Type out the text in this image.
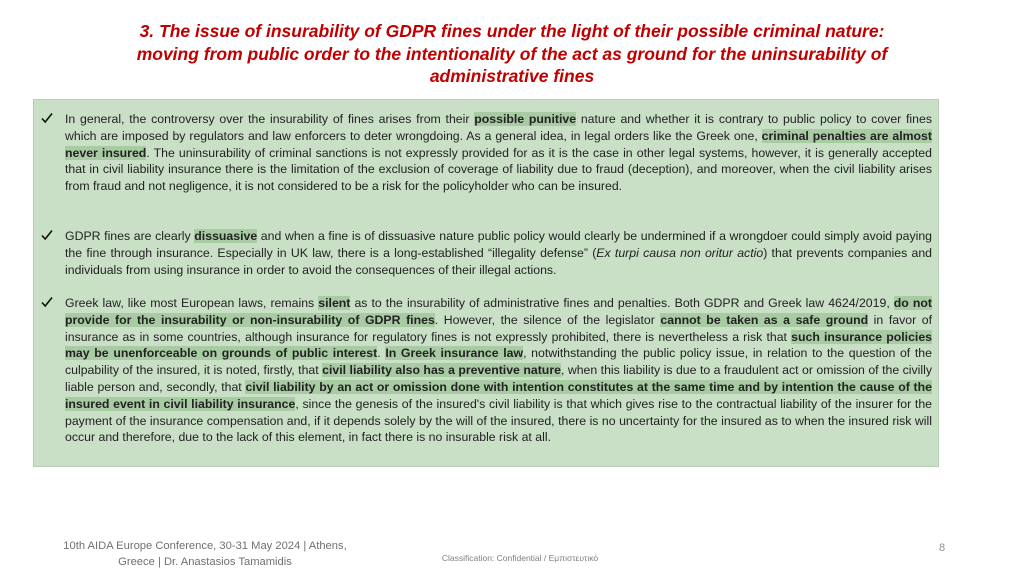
3. The issue of insurability of GDPR fines under the light of their possible criminal nature: moving from public order to the intentionality of the act as ground for the uninsurability of administrative fines
In general, the controversy over the insurability of fines arises from their possible punitive nature and whether it is contrary to public policy to cover fines which are imposed by regulators and law enforcers to deter wrongdoing. As a general idea, in legal orders like the Greek one, criminal penalties are almost never insured. The uninsurability of criminal sanctions is not expressly provided for as it is the case in other legal systems, however, it is generally accepted that in civil liability insurance there is the limitation of the exclusion of coverage of liability due to fraud (deception), and moreover, when the civil liability arises from fraud and not negligence, it is not considered to be a risk for the policyholder who can be insured.
GDPR fines are clearly dissuasive and when a fine is of dissuasive nature public policy would clearly be undermined if a wrongdoer could simply avoid paying the fine through insurance. Especially in UK law, there is a long-established “illegality defense” (Ex turpi causa non oritur actio) that prevents companies and individuals from using insurance in order to avoid the consequences of their illegal actions.
Greek law, like most European laws, remains silent as to the insurability of administrative fines and penalties. Both GDPR and Greek law 4624/2019, do not provide for the insurability or non-insurability of GDPR fines. However, the silence of the legislator cannot be taken as a safe ground in favor of insurance as in some countries, although insurance for regulatory fines is not expressly prohibited, there is nevertheless a risk that such insurance policies may be unenforceable on grounds of public interest. In Greek insurance law, notwithstanding the public policy issue, in relation to the question of the culpability of the insured, it is noted, firstly, that civil liability also has a preventive nature, when this liability is due to a fraudulent act or omission of the civilly liable person and, secondly, that civil liability by an act or omission done with intention constitutes at the same time and by intention the cause of the insured event in civil liability insurance, since the genesis of the insured's civil liability is that which gives rise to the contractual liability of the insurer for the payment of the insurance compensation and, if it depends solely by the will of the insured, there is no uncertainty for the insured as to when the insured risk will occur and therefore, due to the lack of this element, in fact there is no insurable risk at all.
10th AIDA Europe Conference, 30-31 May 2024 | Athens, Greece | Dr. Anastasios Tamamidis	Classification: Confidential / Εμπιστευτικό
8
